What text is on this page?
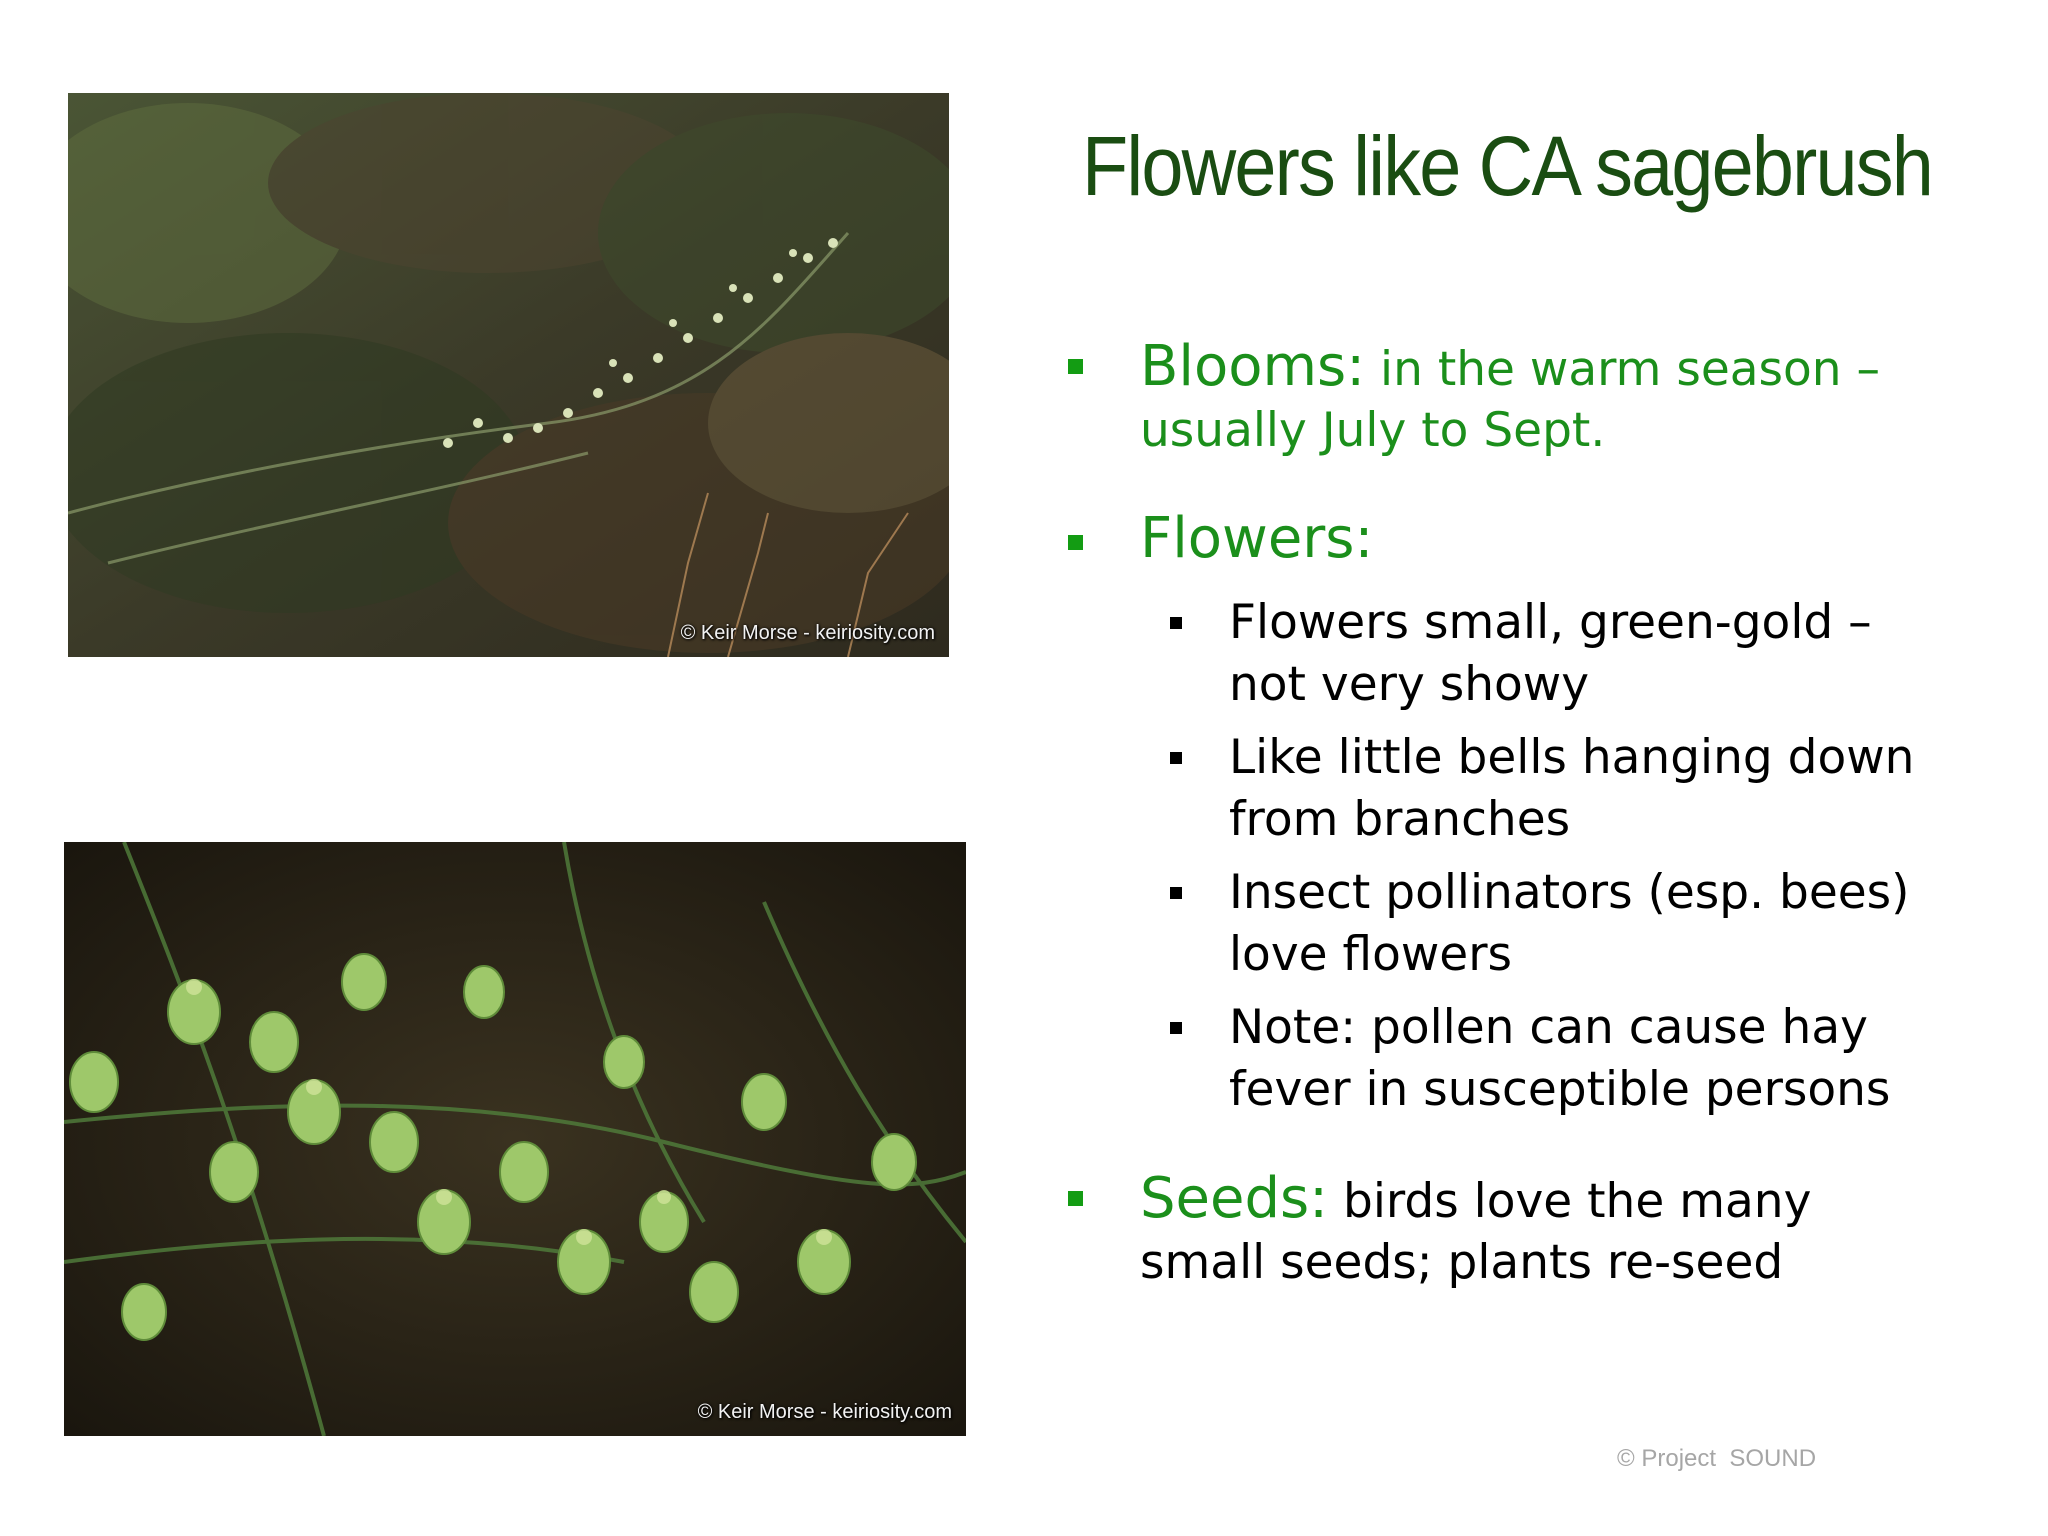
© Keir Morse - keiriosity.com
© Keir Morse - keiriosity.com
Flowers like CA sagebrush
Blooms: in the warm season –
usually July to Sept.
Flowers:
Flowers small, green-gold –
not very showy
Like little bells hanging down
from branches
Insect pollinators (esp. bees)
love flowers
Note: pollen can cause hay
fever in susceptible persons
Seeds: birds love the many
small seeds; plants re-seed
© Project  SOUND
